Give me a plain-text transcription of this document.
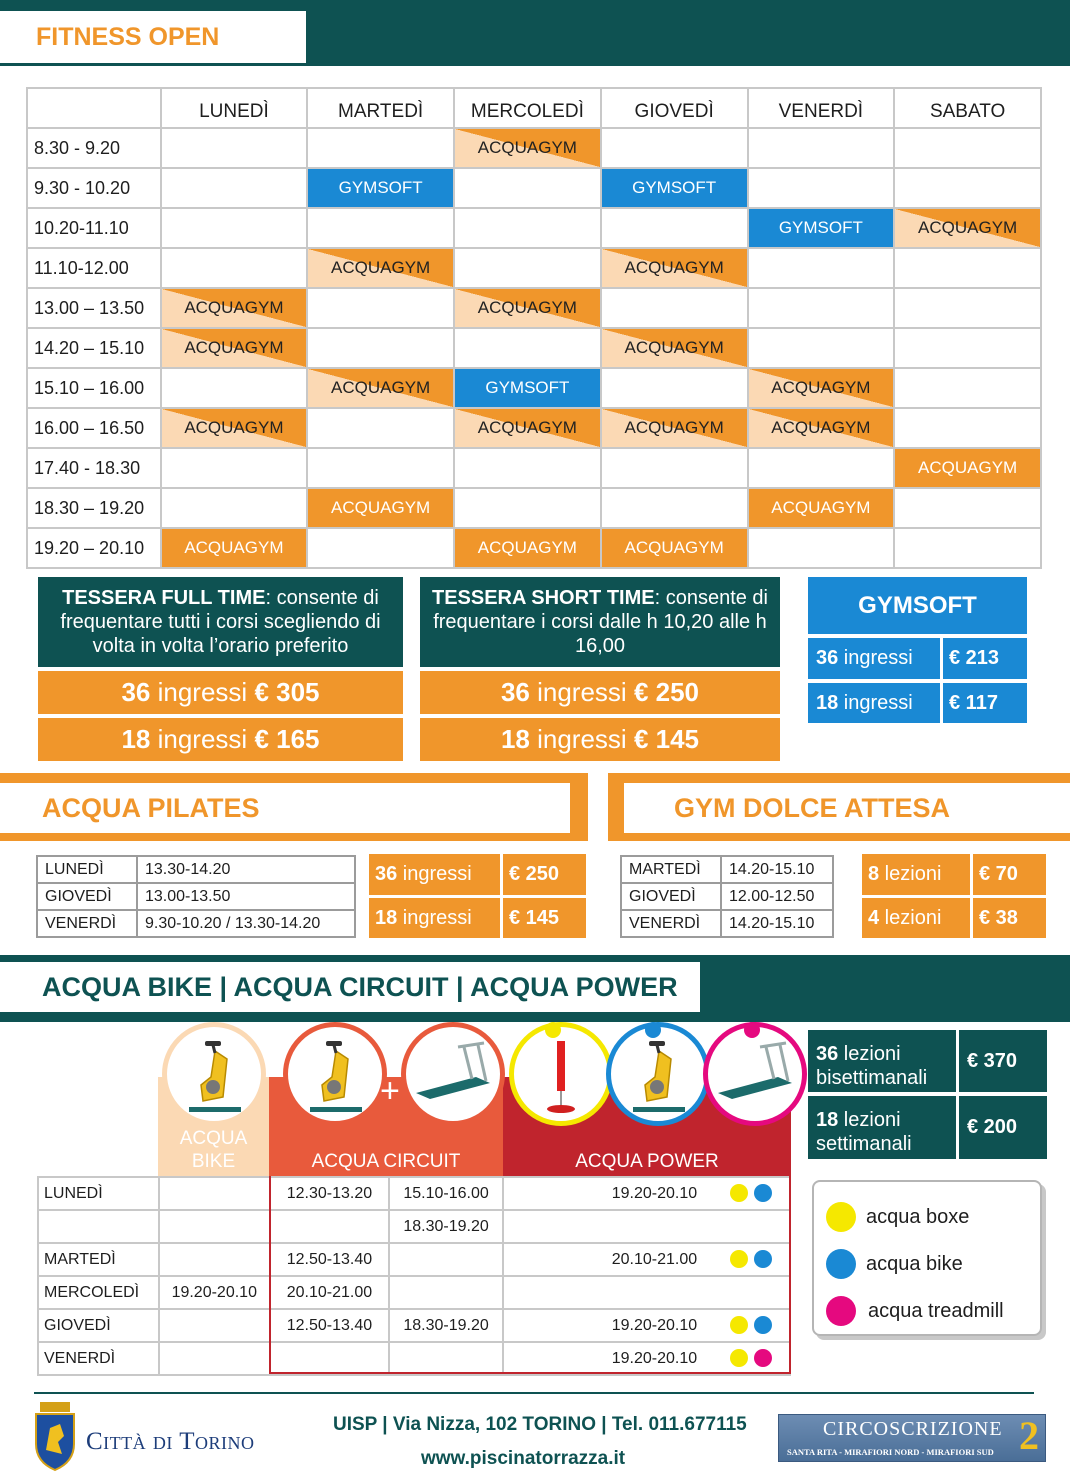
FITNESS OPEN
	LUNEDÌ	MARTEDÌ	MERCOLEDÌ	GIOVEDÌ	VENERDÌ	SABATO
8.30 - 9.20			ACQUAGYM			
9.30 - 10.20		GYMSOFT		GYMSOFT		
10.20-11.10					GYMSOFT	ACQUAGYM
11.10-12.00		ACQUAGYM		ACQUAGYM		
13.00 – 13.50	ACQUAGYM		ACQUAGYM			
14.20 – 15.10	ACQUAGYM			ACQUAGYM		
15.10 – 16.00		ACQUAGYM	GYMSOFT		ACQUAGYM	
16.00 – 16.50	ACQUAGYM		ACQUAGYM	ACQUAGYM	ACQUAGYM	
17.40 - 18.30						ACQUAGYM
18.30 – 19.20		ACQUAGYM			ACQUAGYM	
19.20 – 20.10	ACQUAGYM		ACQUAGYM	ACQUAGYM		
TESSERA FULL TIME: consente di frequentare tutti i corsi scegliendo di volta in volta l’orario preferito
36 ingressi € 305
18 ingressi € 165
TESSERA SHORT TIME: consente di frequentare i corsi dalle h 10,20 alle h 16,00
36 ingressi € 250
18 ingressi € 145
GYMSOFT
36 ingressi € 213
18 ingressi € 117
ACQUA PILATES	GYM DOLCE ATTESA
LUNEDÌ	13.30-14.20
GIOVEDÌ	13.00-13.50
VENERDÌ	9.30-10.20 / 13.30-14.20
36 ingressi € 250
18 ingressi € 145
MARTEDÌ	14.20-15.10
GIOVEDÌ	12.00-12.50
VENERDÌ	14.20-15.10
8 lezioni € 70
4 lezioni € 38
ACQUA BIKE | ACQUA CIRCUIT | ACQUA POWER
ACQUA BIKE	ACQUA CIRCUIT	ACQUA POWER
+
LUNEDÌ		12.30-13.20	15.10-16.00	19.20-20.10	
			18.30-19.20		
MARTEDÌ		12.50-13.40		20.10-21.00	
MERCOLEDÌ	19.20-20.10	20.10-21.00			
GIOVEDÌ		12.50-13.40	18.30-19.20	19.20-20.10	
VENERDÌ				19.20-20.10	
36 lezioni
bisettimanali
€ 370
18 lezioni
settimanali
€ 200
acqua boxe
acqua bike
acqua treadmill
Città di Torino
UISP | Via Nizza, 102 TORINO | Tel. 011.677115
www.piscinatorrazza.it
CIRCOSCRIZIONE 2
SANTA RITA - MIRAFIORI NORD - MIRAFIORI SUD
